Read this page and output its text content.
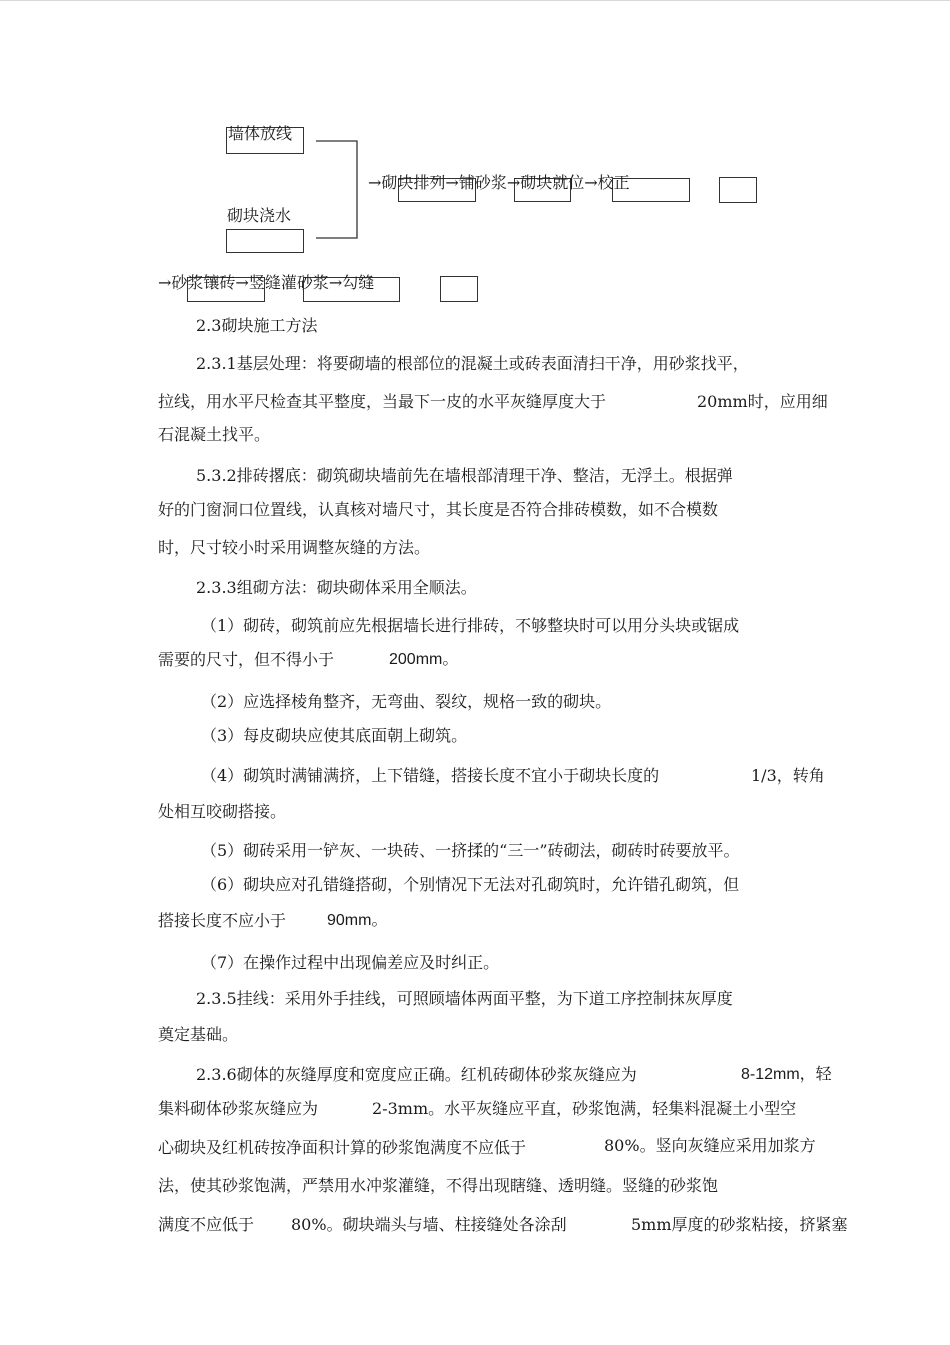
墙体放线
砌块浇水
→砌块排列→铺砂浆→砌块就位→校正
→砂浆镶砖→竖缝灌砂浆→勾缝
2.3砌块施工方法
2.3.1基层处理：将要砌墙的根部位的混凝土或砖表面清扫干净，用砂浆找平，
拉线，用水平尺检查其平整度，当最下一皮的水平灰缝厚度大于	20mm时，应用细
石混凝土找平。
5.3.2排砖撂底：砌筑砌块墙前先在墙根部清理干净、整洁，无浮土。根据弹
好的门窗洞口位置线，认真核对墙尺寸，其长度是否符合排砖模数，如不合模数
时，尺寸较小时采用调整灰缝的方法。
2.3.3组砌方法：砌块砌体采用全顺法。
（1）砌砖，砌筑前应先根据墙长进行排砖，不够整块时可以用分头块或锯成
需要的尺寸，但不得小于	200mm。
（2）应选择棱角整齐，无弯曲、裂纹，规格一致的砌块。
（3）每皮砌块应使其底面朝上砌筑。
（4）砌筑时满铺满挤，上下错缝，搭接长度不宜小于砌块长度的	1/3，转角
处相互咬砌搭接。
（5）砌砖采用一铲灰、一块砖、一挤揉的“三一”砖砌法，砌砖时砖要放平。
（6）砌块应对孔错缝搭砌，个别情况下无法对孔砌筑时，允许错孔砌筑，但
搭接长度不应小于	90mm。
（7）在操作过程中出现偏差应及时纠正。
2.3.5挂线：采用外手挂线，可照顾墙体两面平整，为下道工序控制抹灰厚度
奠定基础。
2.3.6砌体的灰缝厚度和宽度应正确。红机砖砌体砂浆灰缝应为	8-12mm，轻
集料砌体砂浆灰缝应为	2-3mm。水平灰缝应平直，砂浆饱满，轻集料混凝土小型空
心砌块及红机砖按净面积计算的砂浆饱满度不应低于	80%。竖向灰缝应采用加浆方
法，使其砂浆饱满，严禁用水冲浆灌缝，不得出现瞎缝、透明缝。竖缝的砂浆饱
满度不应低于 80%。砌块端头与墙、柱接缝处各涂刮	5mm厚度的砂浆粘接，挤紧塞
